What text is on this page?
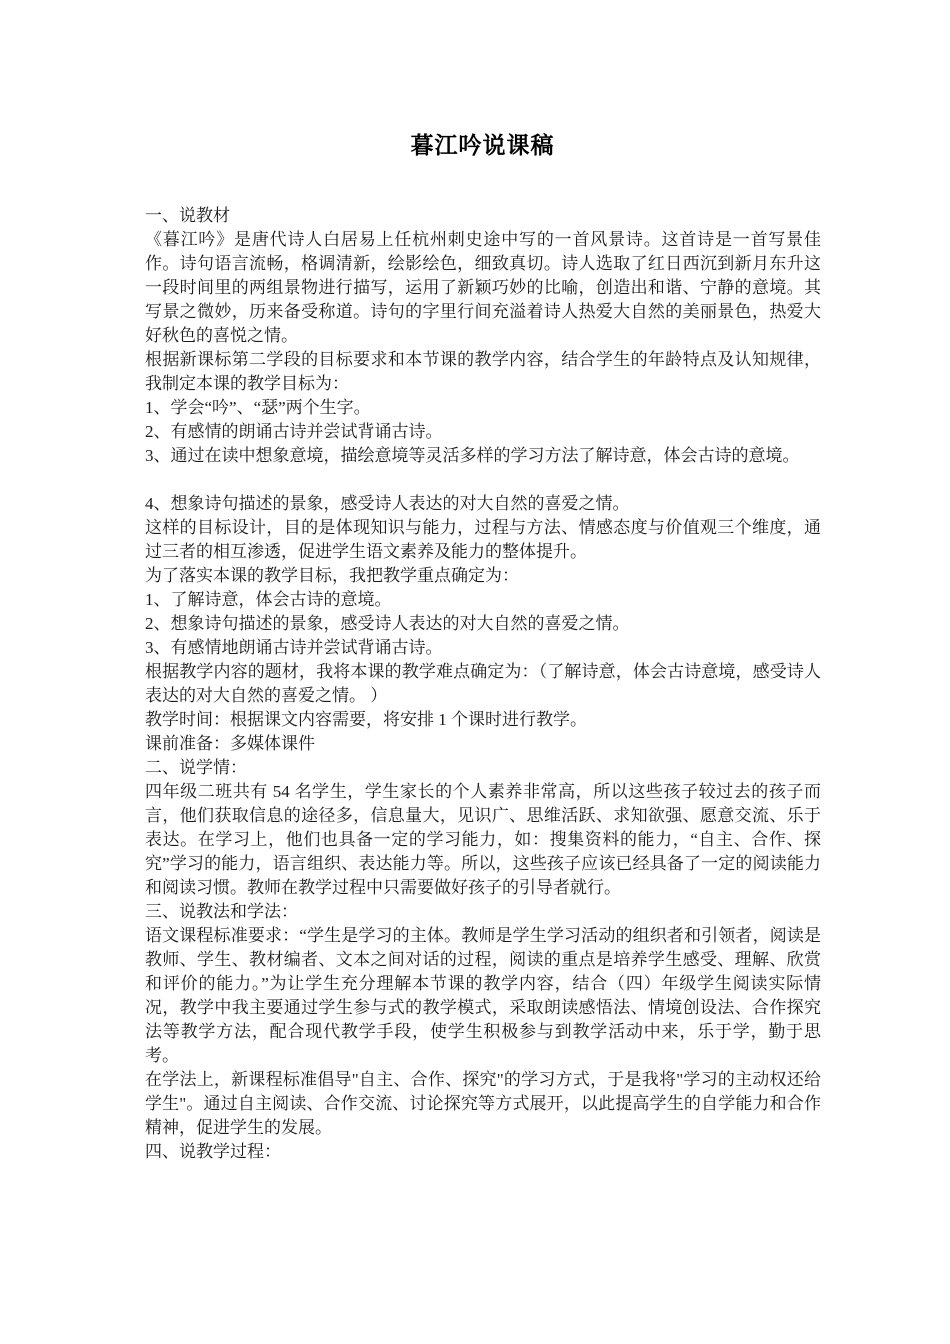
暮江吟说课稿
一、说教材
《暮江吟》是唐代诗人白居易上任杭州刺史途中写的一首风景诗。这首诗是一首写景佳作。诗句语言流畅，格调清新，绘影绘色，细致真切。诗人选取了红日西沉到新月东升这一段时间里的两组景物进行描写，运用了新颖巧妙的比喻，创造出和谐、宁静的意境。其写景之微妙，历来备受称道。诗句的字里行间充溢着诗人热爱大自然的美丽景色，热爱大好秋色的喜悦之情。
根据新课标第二学段的目标要求和本节课的教学内容，结合学生的年龄特点及认知规律，我制定本课的教学目标为：
1、学会“吟”、“瑟”两个生字。
2、有感情的朗诵古诗并尝试背诵古诗。
3、通过在读中想象意境，描绘意境等灵活多样的学习方法了解诗意，体会古诗的意境。
4、想象诗句描述的景象，感受诗人表达的对大自然的喜爱之情。
这样的目标设计，目的是体现知识与能力，过程与方法、情感态度与价值观三个维度，通过三者的相互渗透，促进学生语文素养及能力的整体提升。
为了落实本课的教学目标，我把教学重点确定为：
1、了解诗意，体会古诗的意境。
2、想象诗句描述的景象，感受诗人表达的对大自然的喜爱之情。
3、有感情地朗诵古诗并尝试背诵古诗。
根据教学内容的题材，我将本课的教学难点确定为：（了解诗意，体会古诗意境，感受诗人表达的对大自然的喜爱之情。 ）
教学时间：根据课文内容需要，将安排 1 个课时进行教学。
课前准备：多媒体课件
二、说学情：
四年级二班共有 54 名学生，学生家长的个人素养非常高，所以这些孩子较过去的孩子而言，他们获取信息的途径多，信息量大，见识广、思维活跃、求知欲强、愿意交流、乐于表达。在学习上，他们也具备一定的学习能力，如：搜集资料的能力，“自主、合作、探究”学习的能力，语言组织、表达能力等。所以，这些孩子应该已经具备了一定的阅读能力和阅读习惯。教师在教学过程中只需要做好孩子的引导者就行。
三、说教法和学法：
语文课程标准要求：“学生是学习的主体。教师是学生学习活动的组织者和引领者，阅读是教师、学生、教材编者、文本之间对话的过程，阅读的重点是培养学生感受、理解、欣赏和评价的能力。”为让学生充分理解本节课的教学内容，结合（四）年级学生阅读实际情况，教学中我主要通过学生参与式的教学模式，采取朗读感悟法、情境创设法、合作探究法等教学方法，配合现代教学手段，使学生积极参与到教学活动中来，乐于学，勤于思考。
在学法上，新课程标准倡导"自主、合作、探究"的学习方式，于是我将"学习的主动权还给学生"。通过自主阅读、合作交流、讨论探究等方式展开，以此提高学生的自学能力和合作精神，促进学生的发展。
四、说教学过程：
